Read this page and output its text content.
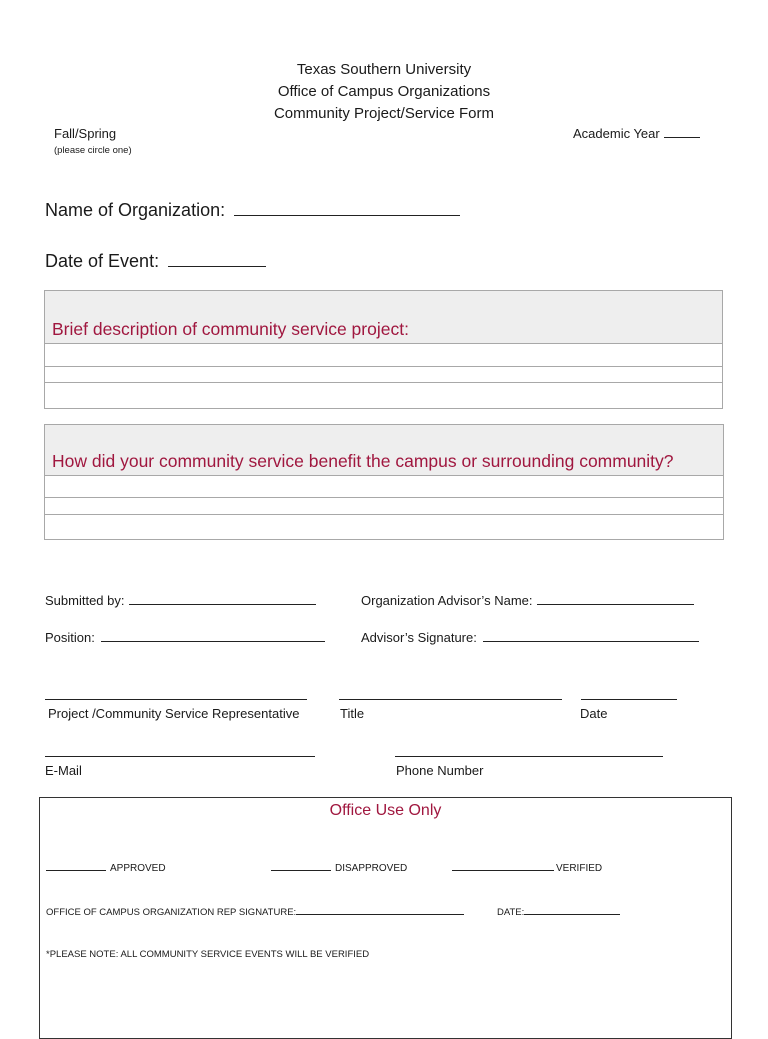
Texas Southern University
Office of Campus Organizations
Community Project/Service Form
Fall/Spring
(please circle one)
Academic Year
Name of Organization:
Date of Event:
Brief description of community service project:
How did your community service benefit the campus or surrounding community?
Submitted by:	Organization Advisor’s Name:
Position:	Advisor’s Signature:
Project /Community Service Representative	Title	Date
E-Mail	Phone Number
Office Use Only
APPROVED	DISAPPROVED	VERIFIED
OFFICE OF CAMPUS ORGANIZATION REP SIGNATURE:	DATE:
*PLEASE NOTE: ALL COMMUNITY SERVICE EVENTS WILL BE VERIFIED
